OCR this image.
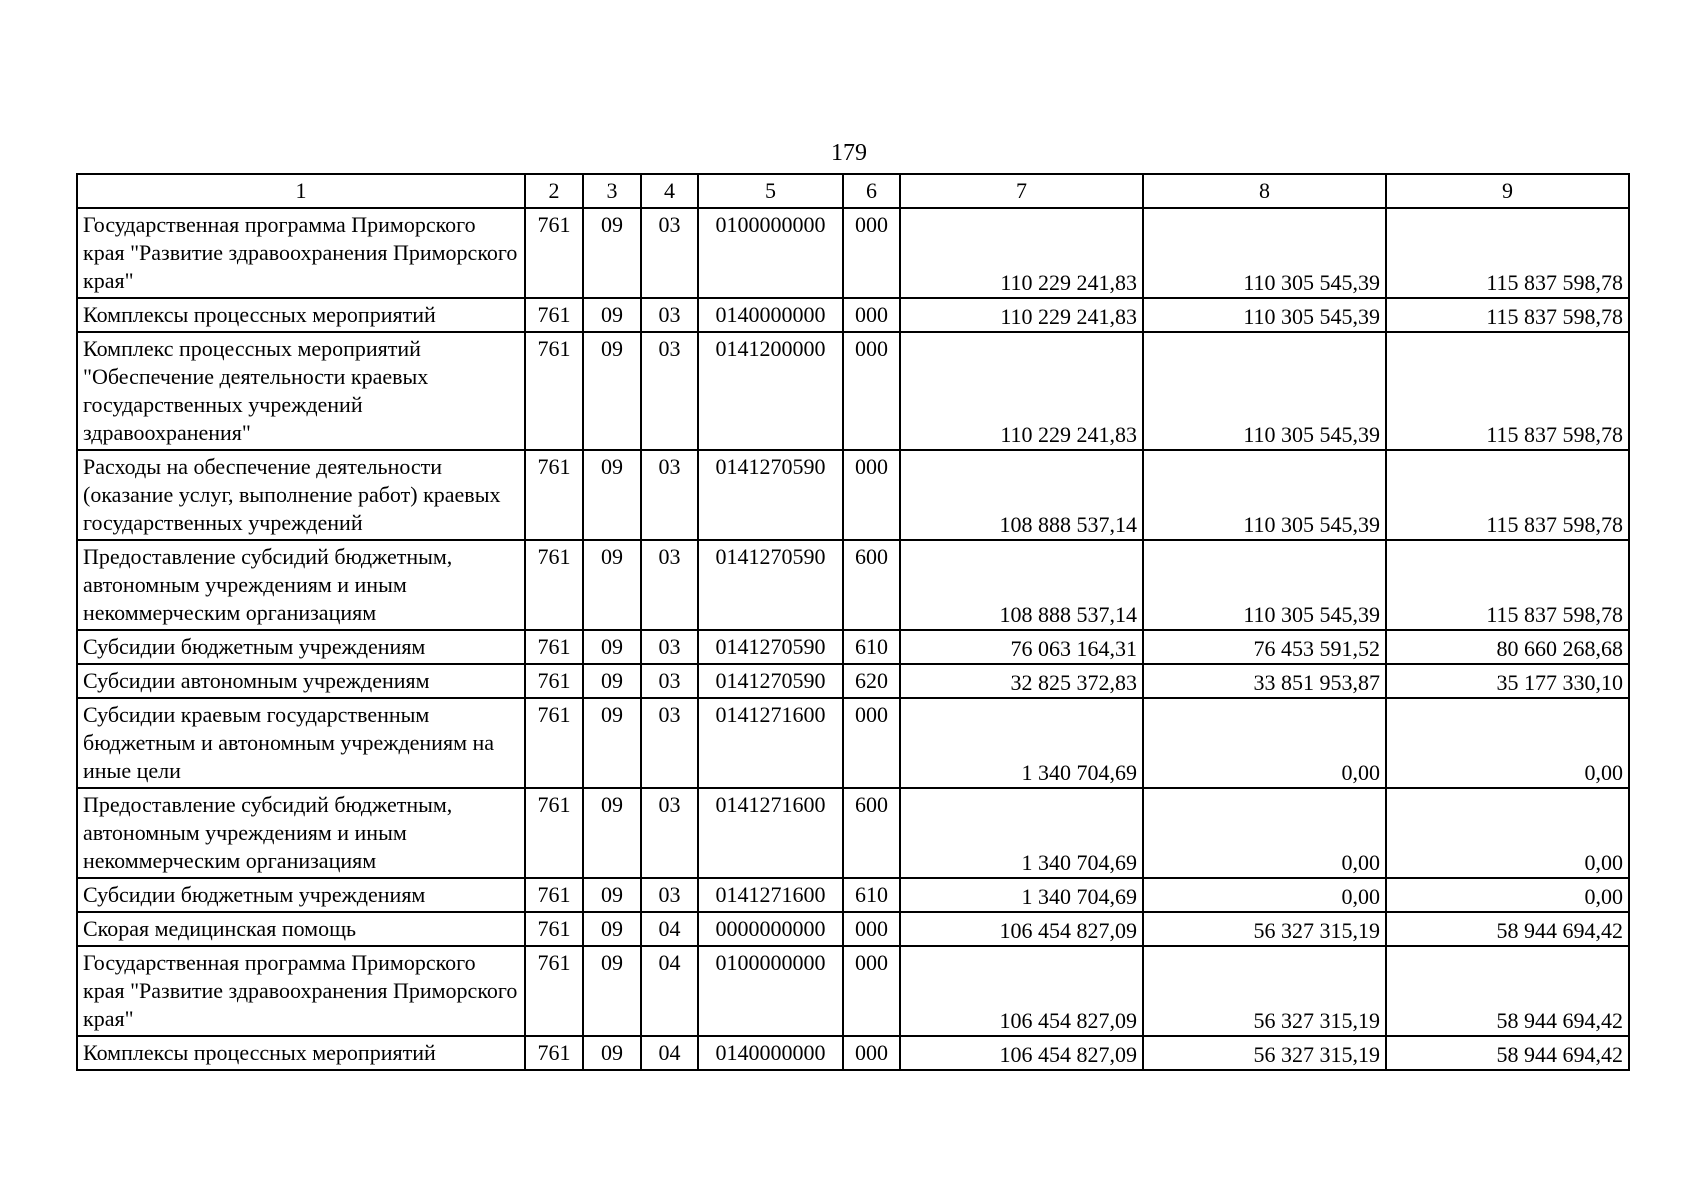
179
1	2	3	4	5	6	7	8	9
Государственная программа Приморского края "Развитие здравоохранения Приморского края"	761	09	03	0100000000	000	110 229 241,83	110 305 545,39	115 837 598,78
Комплексы процессных мероприятий	761	09	03	0140000000	000	110 229 241,83	110 305 545,39	115 837 598,78
Комплекс процессных мероприятий "Обеспечение деятельности краевых государственных учреждений здравоохранения"	761	09	03	0141200000	000	110 229 241,83	110 305 545,39	115 837 598,78
Расходы на обеспечение деятельности (оказание услуг, выполнение работ) краевых государственных учреждений	761	09	03	0141270590	000	108 888 537,14	110 305 545,39	115 837 598,78
Предоставление субсидий бюджетным, автономным учреждениям и иным некоммерческим организациям	761	09	03	0141270590	600	108 888 537,14	110 305 545,39	115 837 598,78
Субсидии бюджетным учреждениям	761	09	03	0141270590	610	76 063 164,31	76 453 591,52	80 660 268,68
Субсидии автономным учреждениям	761	09	03	0141270590	620	32 825 372,83	33 851 953,87	35 177 330,10
Субсидии краевым государственным бюджетным и автономным учреждениям на иные цели	761	09	03	0141271600	000	1 340 704,69	0,00	0,00
Предоставление субсидий бюджетным, автономным учреждениям и иным некоммерческим организациям	761	09	03	0141271600	600	1 340 704,69	0,00	0,00
Субсидии бюджетным учреждениям	761	09	03	0141271600	610	1 340 704,69	0,00	0,00
Скорая медицинская помощь	761	09	04	0000000000	000	106 454 827,09	56 327 315,19	58 944 694,42
Государственная программа Приморского края "Развитие здравоохранения Приморского края"	761	09	04	0100000000	000	106 454 827,09	56 327 315,19	58 944 694,42
Комплексы процессных мероприятий	761	09	04	0140000000	000	106 454 827,09	56 327 315,19	58 944 694,42
